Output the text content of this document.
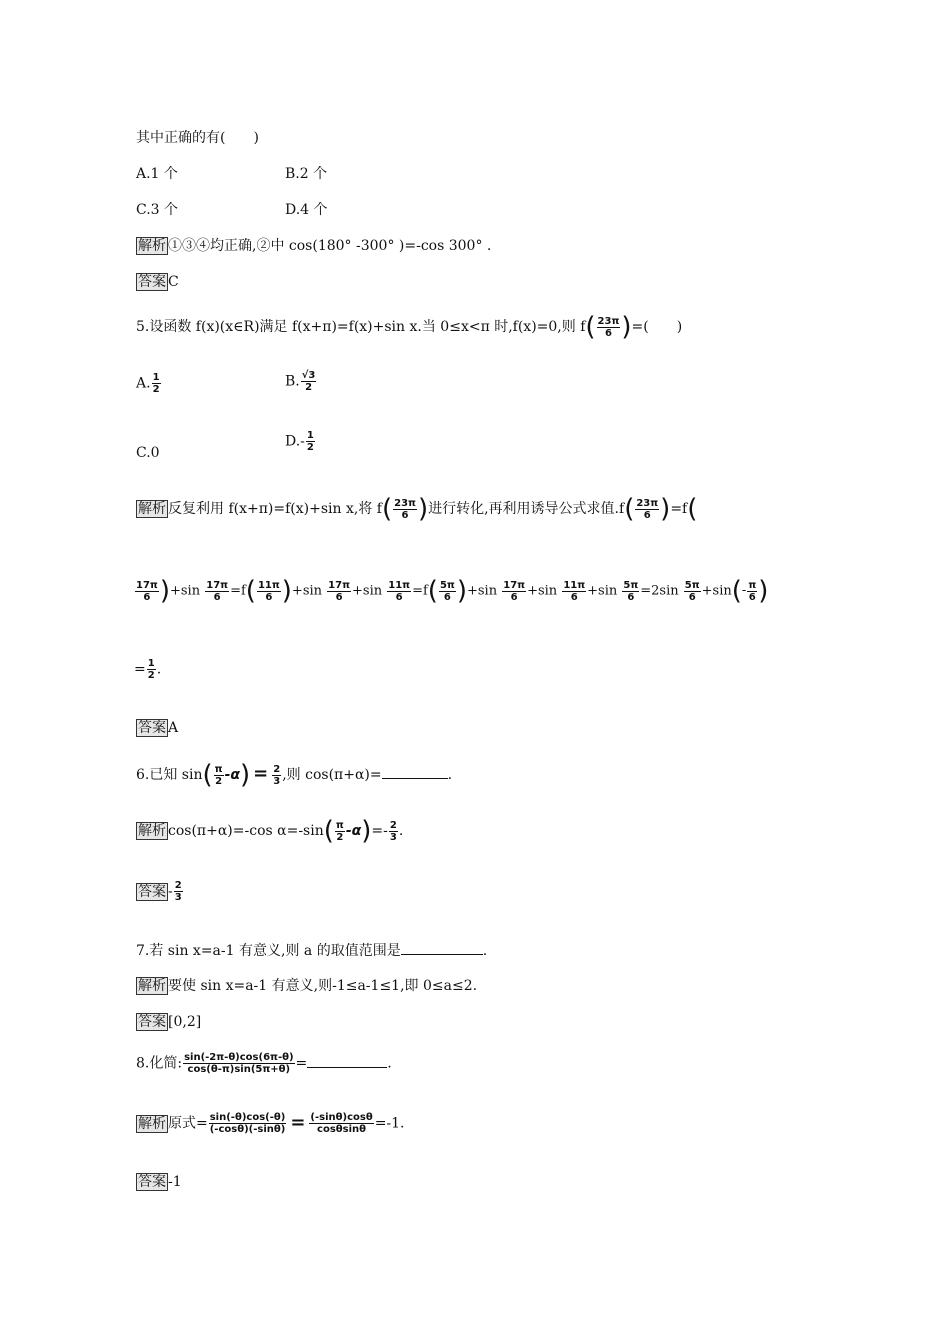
其中正确的有(　　)
A.1 个	B.2 个
C.3 个	D.4 个
解析 ①③④均正确,②中 cos(180° -300° )=-cos 300° .
答案 C
5.设函数 f(x)(x∈R)满足 f(x+π)=f(x)+sin x.当 0≤x<π 时,f(x)=0,则 f ( $\frac{23\pi}{6}$ ) =(　　)
A. $\frac{1}{2}$	B. $\frac{√3}{2}$
C.0
$D.- \frac{1}{2}$
解析 反复利用 f(x+π)=f(x)+sin x,将 f ( $\frac{23\pi}{6}$ ) 进行转化,再利用诱导公式求值.f ( $\frac{23\pi}{6}$ ) =f (
$\frac{17\pi}{6}$ ) $+\sin \frac{17\pi}{6} =f$ ( $\frac{11\pi}{6}$ ) $+\sin \frac{17\pi}{6} +\sin \frac{11\pi}{6} =f$ ( $\frac{5\pi}{6}$ ) $+\sin \frac{17\pi}{6} +\sin \frac{11\pi}{6} +\sin \frac{5\pi}{6} =2\sin \frac{5\pi}{6} +\sin$ ( - $\frac{\pi}{6}$ )
= $\frac{1}{2}$ .
答案 A
6.已知 sin ( $\frac{\pi}{2} -\alpha$ ) = $\frac{2}{3}$ ,则 cos(π+α)=	.
解析 cos(π+α)=-cos α=-sin ( $\frac{\pi}{2} -\alpha$ ) =- $\frac{2}{3}$ .
答案 - $\frac{2}{3}$
7.若 sin x=a-1 有意义,则 a 的取值范围是	.
解析 要使 sin x=a-1 有意义,则-1≤a-1≤1,即 0≤a≤2.
答案 [0,2]
8.化简: $\frac{\sin(-2\pi-\theta)\cos(6\pi-\theta)}{\cos(\theta-\pi)\sin(5\pi+\theta)}$ =	.
解析 原式= $\frac{\sin(-\theta)\cos(-\theta)}{(-\cos\theta)(-\sin\theta)} = \frac{(-\sin\theta)\cos\theta}{\cos\theta\sin\theta} =-1$.
答案 -1
